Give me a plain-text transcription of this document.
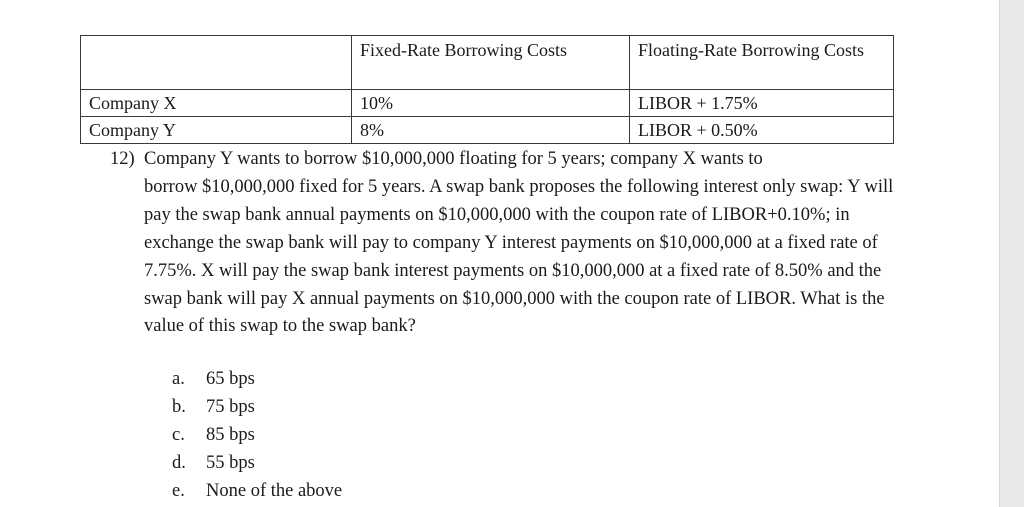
	Fixed-Rate Borrowing Costs	Floating-Rate Borrowing Costs
Company X	10%	LIBOR + 1.75%
Company Y	8%	LIBOR + 0.50%
12) Company Y wants to borrow $10,000,000 floating for 5 years; company X wants to

borrow $10,000,000 fixed for 5 years. A swap bank proposes the following interest only swap: Y will pay the swap bank annual payments on $10,000,000 with the coupon rate of LIBOR+0.10%; in exchange the swap bank will pay to company Y interest payments on $10,000,000 at a fixed rate of 7.75%. X will pay the swap bank interest payments on $10,000,000 at a fixed rate of 8.50% and the swap bank will pay X annual payments on $10,000,000 with the coupon rate of LIBOR. What is the value of this swap to the swap bank?

a.	65 bps
b.	75 bps
c.	85 bps
d.	55 bps
e.	None of the above
